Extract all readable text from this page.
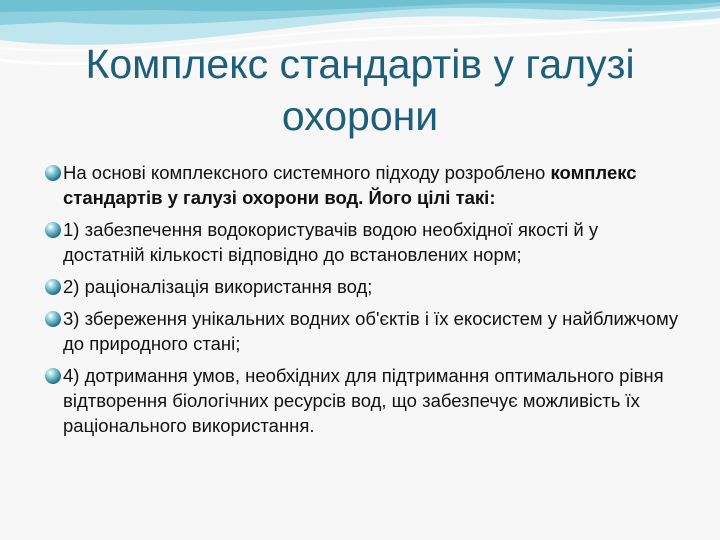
Комплекс стандартів у галузі
охорони
На основі комплексного системного підходу розроблено комплекс стандартів у галузі охорони вод. Його цілі такі:
1) забезпечення водокористувачів водою необхідної якості й у достатній кількості відповідно до встановлених норм;
2) раціоналізація використання вод;
3) збереження унікальних водних об'єктів і їх екосистем у найближчому до природного стані;
4) дотримання умов, необхідних для підтримання оптимального рівня відтворення біологічних ресурсів вод, що забезпечує можливість їх раціонального використання.
